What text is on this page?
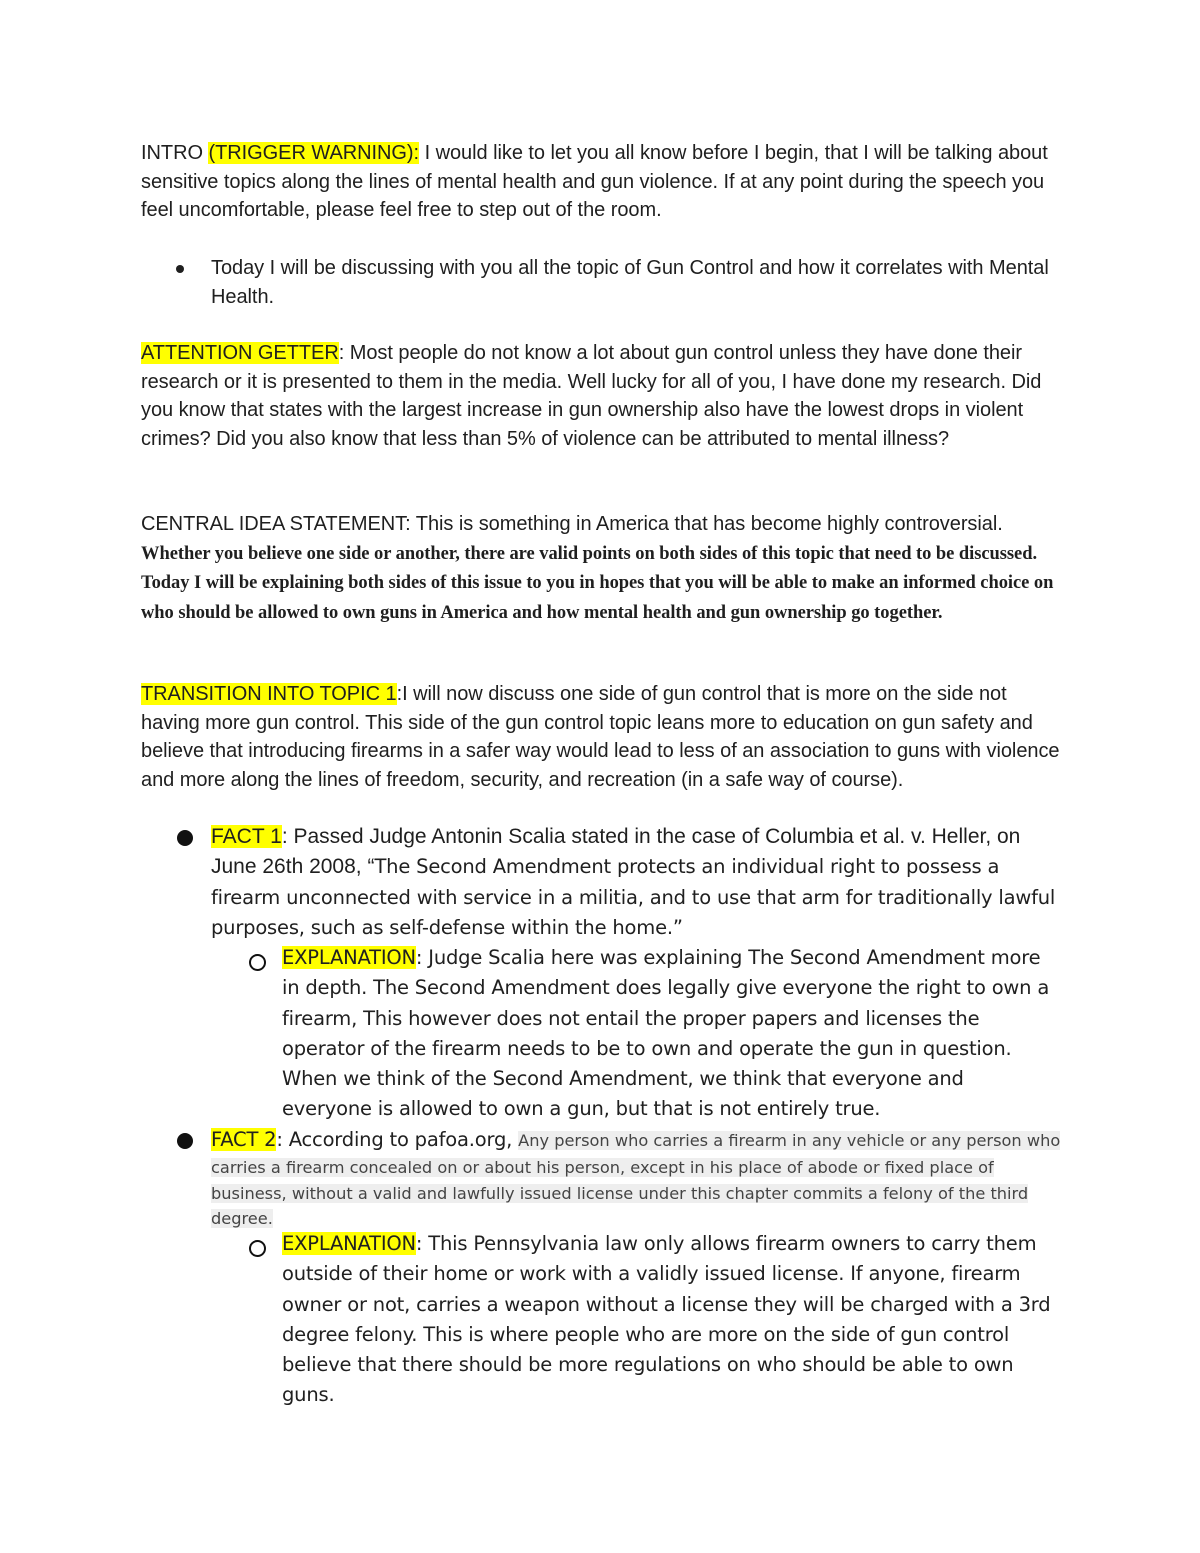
INTRO (TRIGGER WARNING): I would like to let you all know before I begin, that I will be talking about sensitive topics along the lines of mental health and gun violence. If at any point during the speech you feel uncomfortable, please feel free to step out of the room.

Today I will be discussing with you all the topic of Gun Control and how it correlates with Mental Health.

ATTENTION GETTER: Most people do not know a lot about gun control unless they have done their research or it is presented to them in the media. Well lucky for all of you, I have done my research. Did you know that states with the largest increase in gun ownership also have the lowest drops in violent crimes? Did you also know that less than 5% of violence can be attributed to mental illness?

CENTRAL IDEA STATEMENT: This is something in America that has become highly controversial. Whether you believe one side or another, there are valid points on both sides of this topic that need to be discussed. Today I will be explaining both sides of this issue to you in hopes that you will be able to make an informed choice on who should be allowed to own guns in America and how mental health and gun ownership go together.

TRANSITION INTO TOPIC 1:I will now discuss one side of gun control that is more on the side not having more gun control. This side of the gun control topic leans more to education on gun safety and believe that introducing firearms in a safer way would lead to less of an association to guns with violence and more along the lines of freedom, security, and recreation (in a safe way of course).

FACT 1: Passed Judge Antonin Scalia stated in the case of Columbia et al. v. Heller, on June 26th 2008, “The Second Amendment protects an individual right to possess a firearm unconnected with service in a militia, and to use that arm for traditionally lawful purposes, such as self-defense within the home.”

EXPLANATION: Judge Scalia here was explaining The Second Amendment more in depth. The Second Amendment does legally give everyone the right to own a firearm, This however does not entail the proper papers and licenses the operator of the firearm needs to be to own and operate the gun in question. When we think of the Second Amendment, we think that everyone and everyone is allowed to own a gun, but that is not entirely true.

FACT 2: According to pafoa.org, Any person who carries a firearm in any vehicle or any person who carries a firearm concealed on or about his person, except in his place of abode or fixed place of business, without a valid and lawfully issued license under this chapter commits a felony of the third degree.

EXPLANATION: This Pennsylvania law only allows firearm owners to carry them outside of their home or work with a validly issued license. If anyone, firearm owner or not, carries a weapon without a license they will be charged with a 3rd degree felony. This is where people who are more on the side of gun control believe that there should be more regulations on who should be able to own guns.
